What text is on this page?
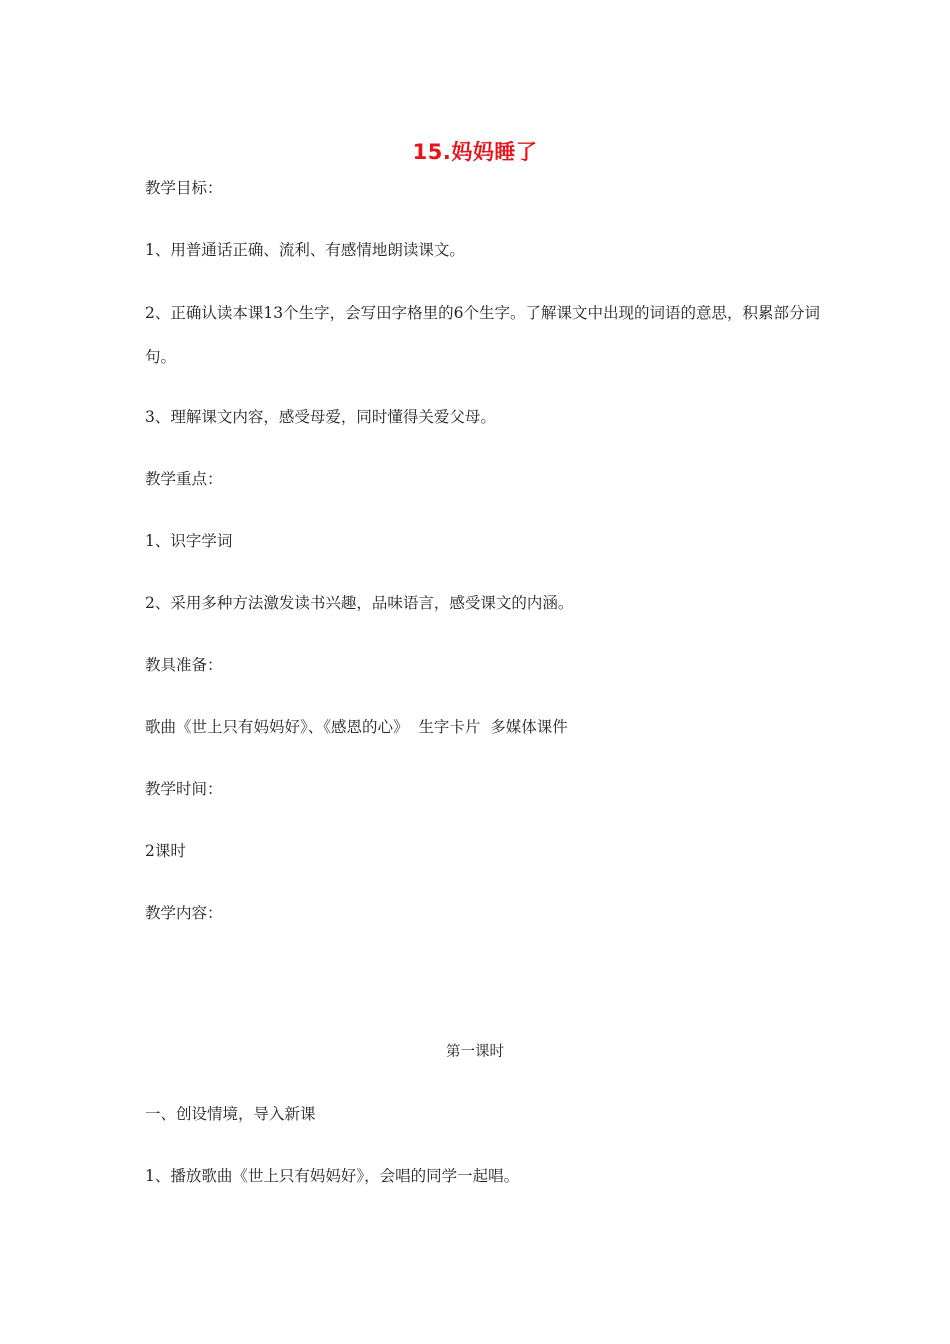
15.妈妈睡了
教学目标：
1、用普通话正确、流利、有感情地朗读课文。
2、正确认读本课13个生字，会写田字格里的6个生字。了解课文中出现的词语的意思，积累部分词句。
3、理解课文内容，感受母爱，同时懂得关爱父母。
教学重点：
1、识字学词
2、采用多种方法激发读书兴趣，品味语言，感受课文的内涵。
教具准备：
歌曲《世上只有妈妈好》、《感恩的心》  生字卡片  多媒体课件
教学时间：
2课时
教学内容：
第一课时
一、创设情境，导入新课
1、播放歌曲《世上只有妈妈好》，会唱的同学一起唱。
